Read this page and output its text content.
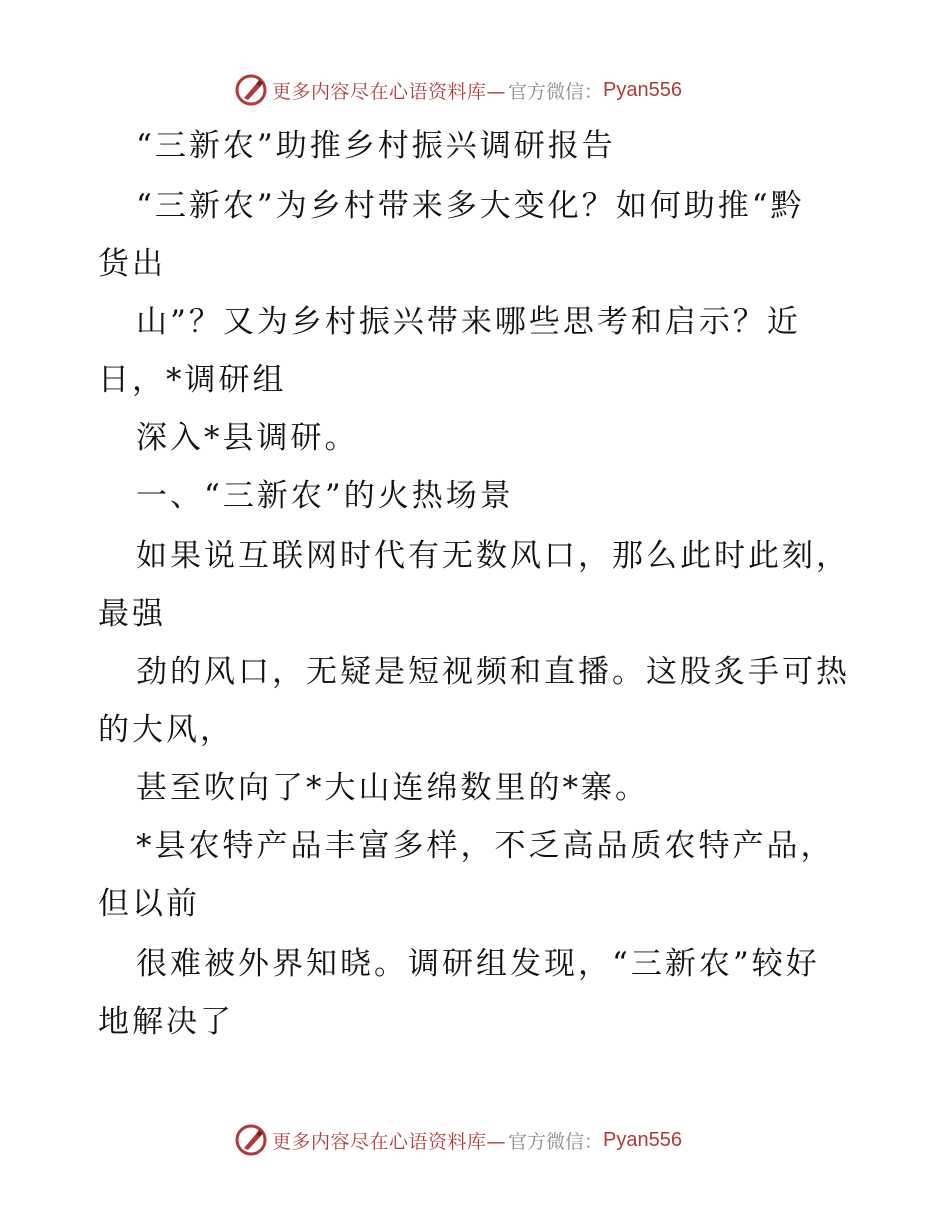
更多内容尽在心语资料库— 官方微信： Pyan556
“三新农”助推乡村振兴调研报告
“三新农”为乡村带来多大变化？如何助推“黔
货出
山”？又为乡村振兴带来哪些思考和启示？近
日，*调研组
深入*县调研。
一、“三新农”的火热场景
如果说互联网时代有无数风口，那么此时此刻，
最强
劲的风口，无疑是短视频和直播。这股炙手可热
的大风，
甚至吹向了*大山连绵数里的*寨。
*县农特产品丰富多样，不乏高品质农特产品，
但以前
很难被外界知晓。调研组发现，“三新农”较好
地解决了
更多内容尽在心语资料库— 官方微信： Pyan556
